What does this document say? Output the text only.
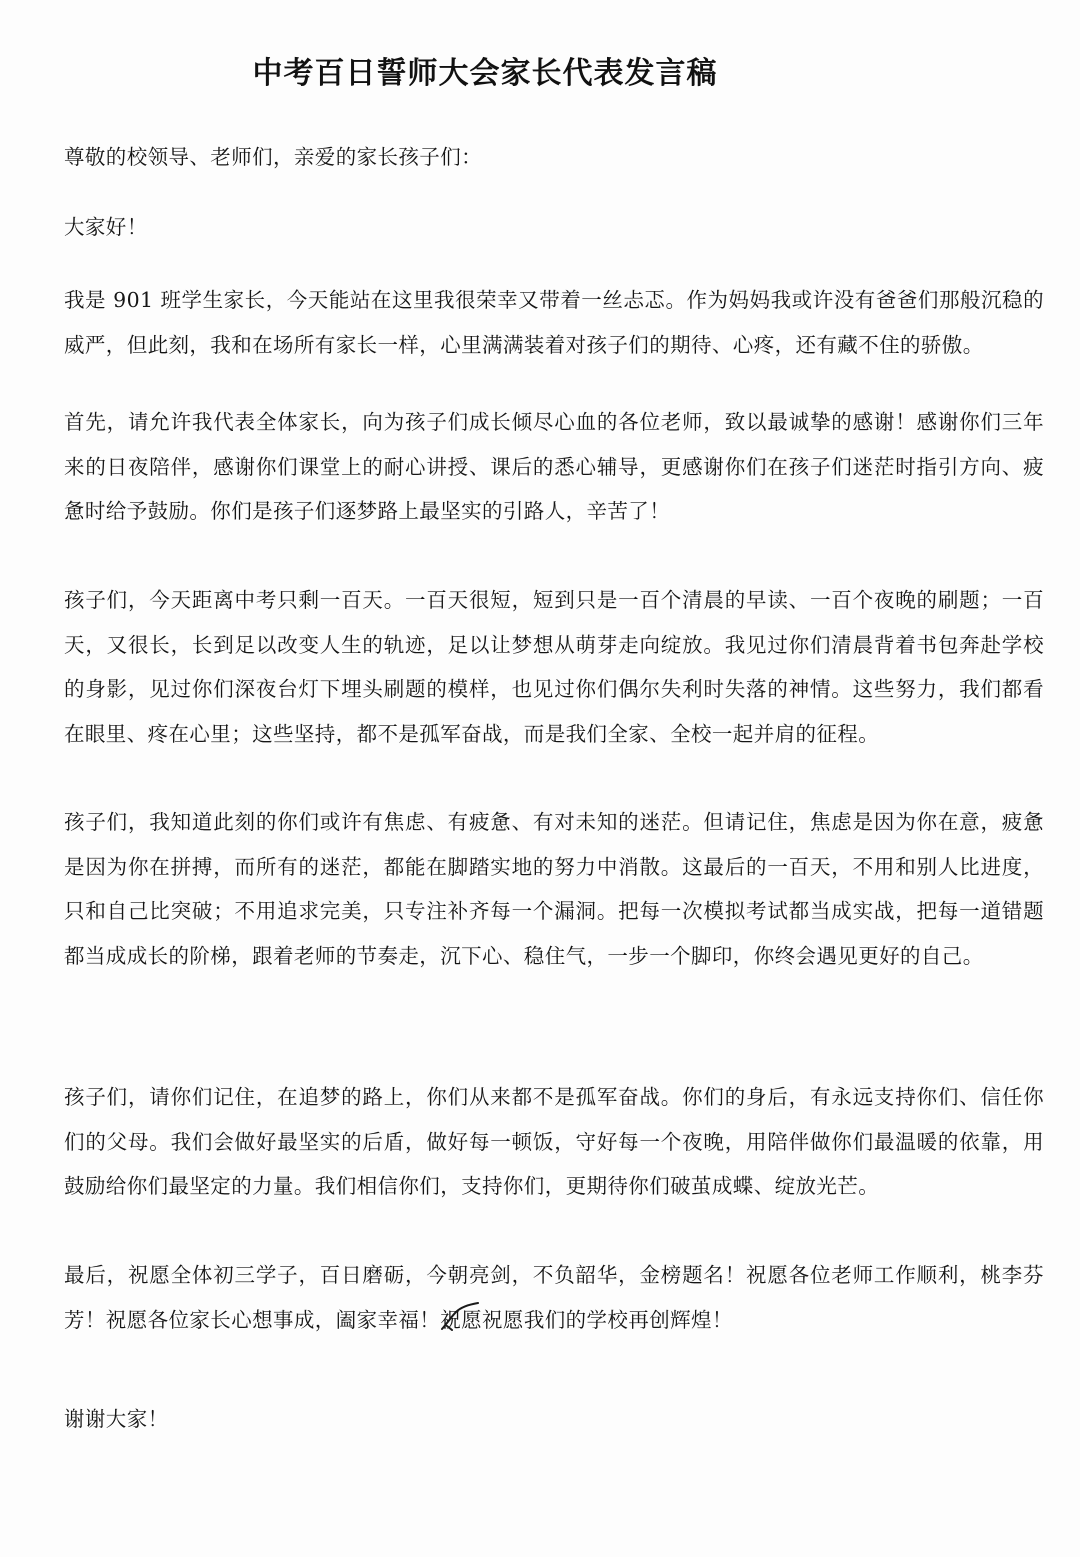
中考百日誓师大会家长代表发言稿

尊敬的校领导、老师们，亲爱的家长孩子们：

大家好！

我是 901 班学生家长，今天能站在这里我很荣幸又带着一丝忐忑。作为妈妈我或许没有爸爸们那般沉稳的威严，但此刻，我和在场所有家长一样，心里满满装着对孩子们的期待、心疼，还有藏不住的骄傲。

首先，请允许我代表全体家长，向为孩子们成长倾尽心血的各位老师，致以最诚挚的感谢！感谢你们三年来的日夜陪伴，感谢你们课堂上的耐心讲授、课后的悉心辅导，更感谢你们在孩子们迷茫时指引方向、疲惫时给予鼓励。你们是孩子们逐梦路上最坚实的引路人，辛苦了！

孩子们，今天距离中考只剩一百天。一百天很短，短到只是一百个清晨的早读、一百个夜晚的刷题；一百天，又很长，长到足以改变人生的轨迹，足以让梦想从萌芽走向绽放。我见过你们清晨背着书包奔赴学校的身影，见过你们深夜台灯下埋头刷题的模样，也见过你们偶尔失利时失落的神情。这些努力，我们都看在眼里、疼在心里；这些坚持，都不是孤军奋战，而是我们全家、全校一起并肩的征程。

孩子们，我知道此刻的你们或许有焦虑、有疲惫、有对未知的迷茫。但请记住，焦虑是因为你在意，疲惫是因为你在拼搏，而所有的迷茫，都能在脚踏实地的努力中消散。这最后的一百天，不用和别人比进度，只和自己比突破；不用追求完美，只专注补齐每一个漏洞。把每一次模拟考试都当成实战，把每一道错题都当成成长的阶梯，跟着老师的节奏走，沉下心、稳住气，一步一个脚印，你终会遇见更好的自己。

孩子们，请你们记住，在追梦的路上，你们从来都不是孤军奋战。你们的身后，有永远支持你们、信任你们的父母。我们会做好最坚实的后盾，做好每一顿饭，守好每一个夜晚，用陪伴做你们最温暖的依靠，用鼓励给你们最坚定的力量。我们相信你们，支持你们，更期待你们破茧成蝶、绽放光芒。

最后，祝愿全体初三学子，百日磨砺，今朝亮剑，不负韶华，金榜题名！祝愿各位老师工作顺利，桃李芬芳！祝愿各位家长心想事成，阖家幸福！祝愿
祝愿我们的学校再创辉煌！

谢谢大家！
